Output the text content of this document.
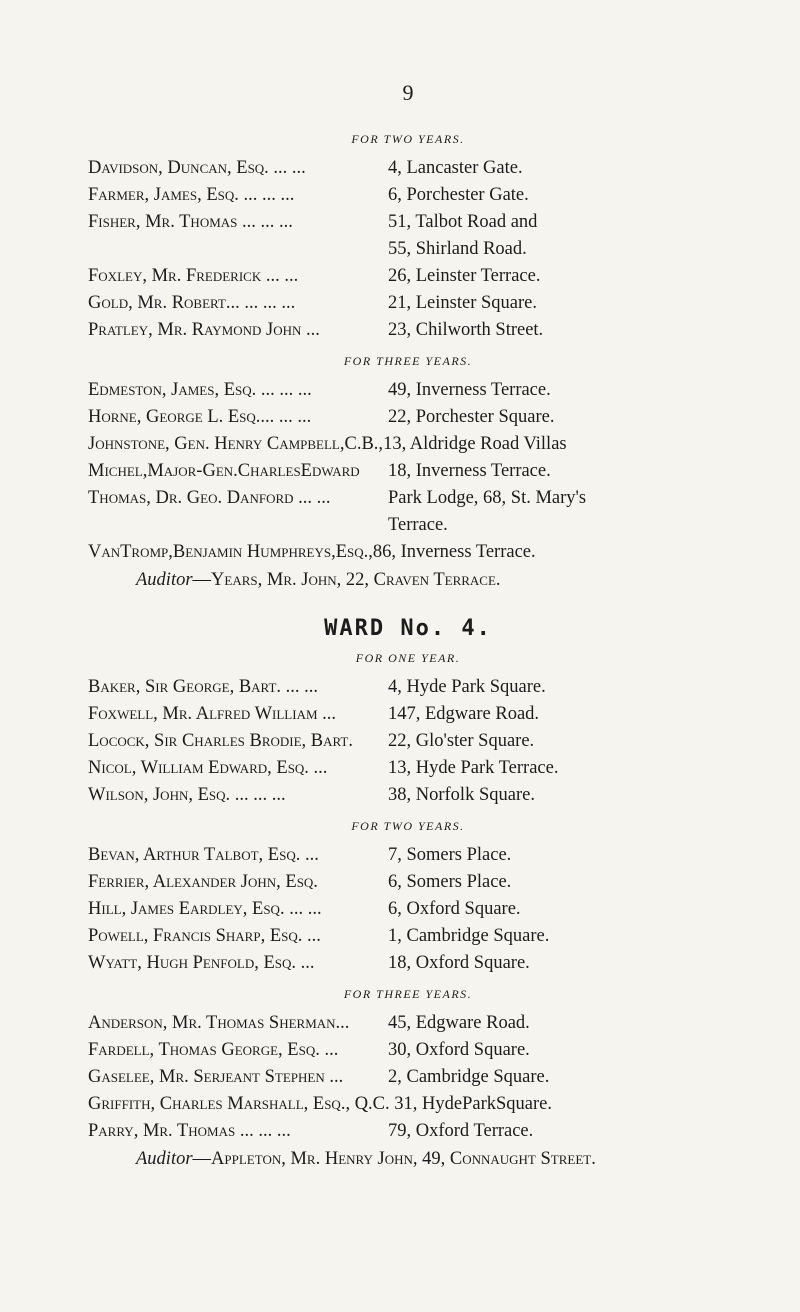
9
FOR TWO YEARS.
Davidson, Duncan, Esq. ... ...	4, Lancaster Gate.
Farmer, James, Esq. ... ... ...	6, Porchester Gate.
Fisher, Mr. Thomas ... ... ...	51, Talbot Road and
55, Shirland Road.
Foxley, Mr. Frederick ... ...	26, Leinster Terrace.
Gold, Mr. Robert... ... ... ...	21, Leinster Square.
Pratley, Mr. Raymond John ...	23, Chilworth Street.
FOR THREE YEARS.
Edmeston, James, Esq. ... ... ...	49, Inverness Terrace.
Horne, George L. Esq.... ... ...	22, Porchester Square.
Johnstone, Gen. Henry Campbell,C.B., 13, Aldridge Road Villas
Michel,Major-Gen.CharlesEdward	18, Inverness Terrace.
Thomas, Dr. Geo. Danford ... ...	Park Lodge, 68, St. Mary's
Terrace.
VanTromp,Benjamin Humphreys,Esq., 86, Inverness Terrace.
Auditor—Years, Mr. John, 22, Craven Terrace.
WARD No. 4.
FOR ONE YEAR.
Baker, Sir George, Bart. ... ...	4, Hyde Park Square.
Foxwell, Mr. Alfred William ...	147, Edgware Road.
Locock, Sir Charles Brodie, Bart.	22, Glo'ster Square.
Nicol, William Edward, Esq. ...	13, Hyde Park Terrace.
Wilson, John, Esq. ... ... ...	38, Norfolk Square.
FOR TWO YEARS.
Bevan, Arthur Talbot, Esq. ...	7, Somers Place.
Ferrier, Alexander John, Esq.	6, Somers Place.
Hill, James Eardley, Esq. ... ...	6, Oxford Square.
Powell, Francis Sharp, Esq. ...	1, Cambridge Square.
Wyatt, Hugh Penfold, Esq. ...	18, Oxford Square.
FOR THREE YEARS.
Anderson, Mr. Thomas Sherman...	45, Edgware Road.
Fardell, Thomas George, Esq. ...	30, Oxford Square.
Gaselee, Mr. Serjeant Stephen ...	2, Cambridge Square.
Griffith, Charles Marshall, Esq., Q.C.
31, HydeParkSquare.
Parry, Mr. Thomas ... ... ...	79, Oxford Terrace.
Auditor—Appleton, Mr. Henry John, 49, Connaught Street.
